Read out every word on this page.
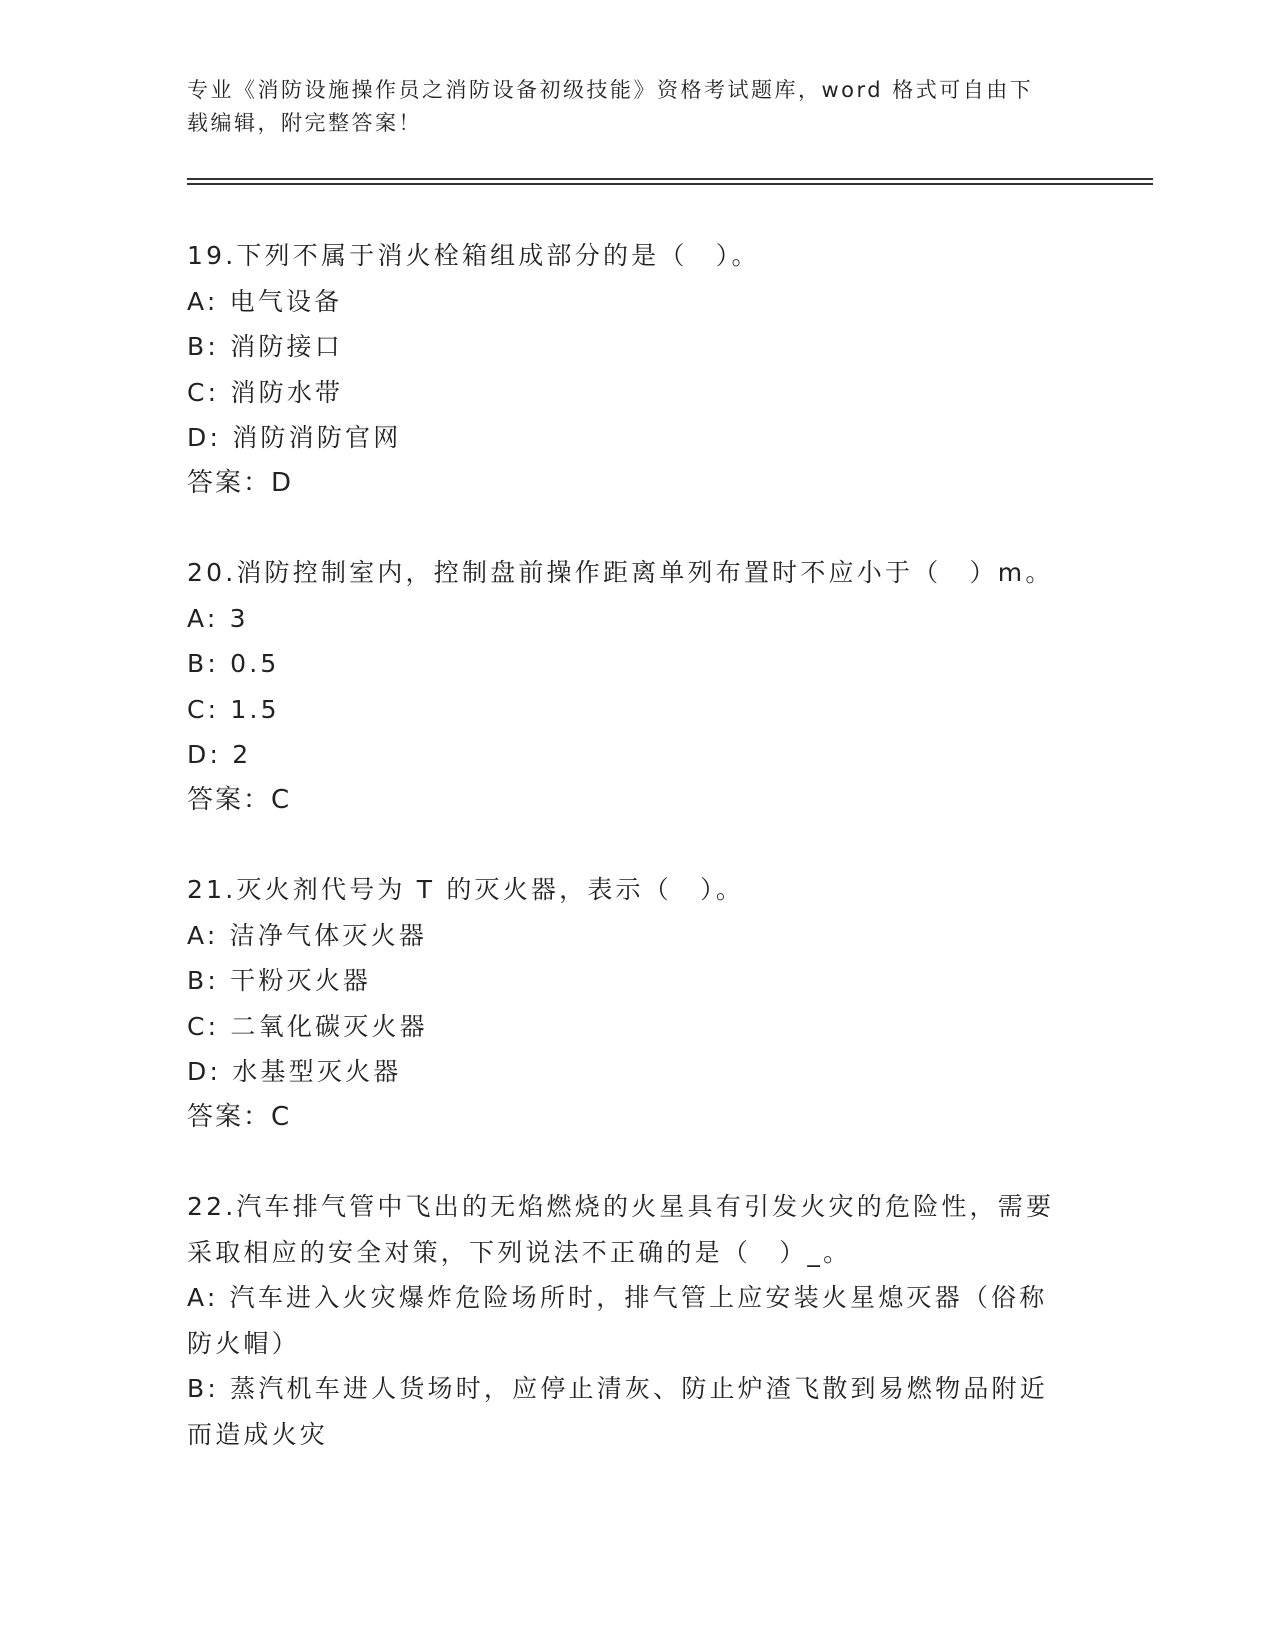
专业《消防设施操作员之消防设备初级技能》资格考试题库，word 格式可自由下
载编辑，附完整答案！
19.下列不属于消火栓箱组成部分的是（　）。
A: 电气设备
B: 消防接口
C: 消防水带
D: 消防消防官网
答案： D
20.消防控制室内，控制盘前操作距离单列布置时不应小于（　）m。
A: 3
B: 0.5
C: 1.5
D: 2
答案： C
21.灭火剂代号为 T 的灭火器，表示（　）。
A: 洁净气体灭火器
B: 干粉灭火器
C: 二氧化碳灭火器
D: 水基型灭火器
答案： C
22.汽车排气管中飞出的无焰燃烧的火星具有引发火灾的危险性，需要
采取相应的安全对策，下列说法不正确的是（　）_。
A: 汽车进入火灾爆炸危险场所时，排气管上应安装火星熄灭器（俗称
防火帽）
B: 蒸汽机车进人货场时，应停止清灰、防止炉渣飞散到易燃物品附近
而造成火灾
